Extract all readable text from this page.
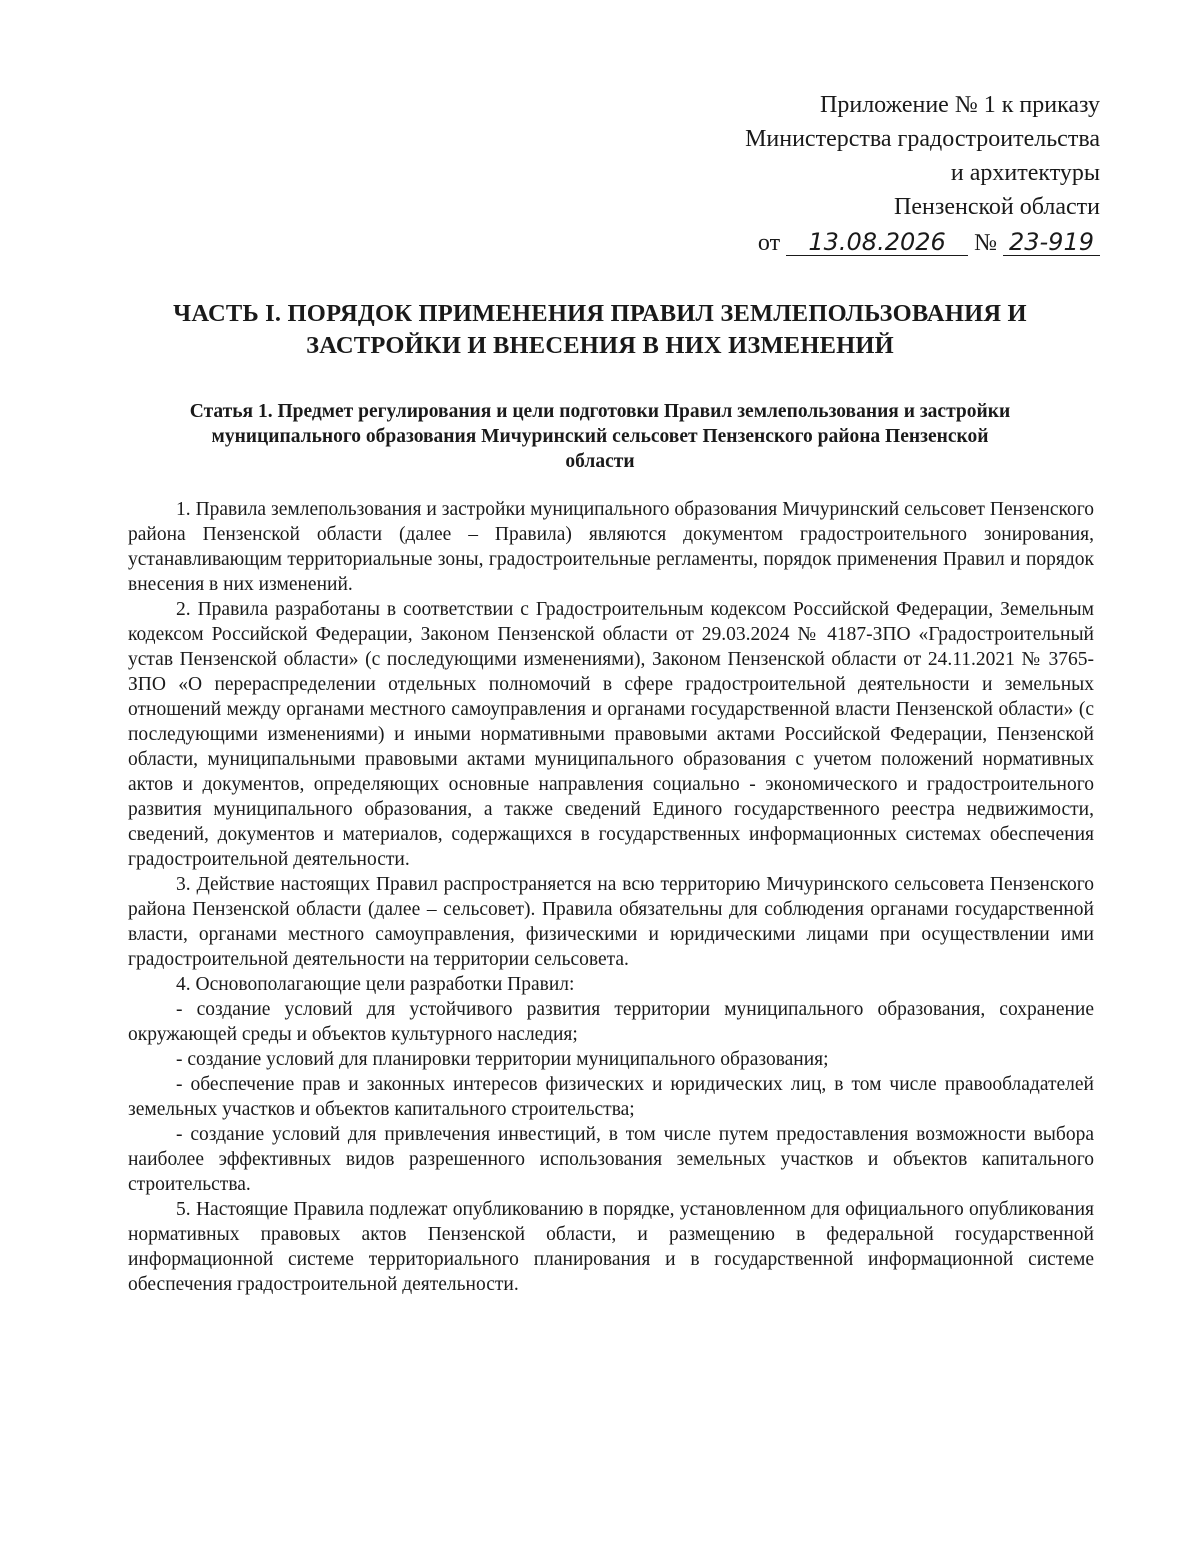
Приложение № 1 к приказу
Министерства градостроительства
и архитектуры
Пензенской области
от 13.08.2026 № 23-919
ЧАСТЬ I. ПОРЯДОК ПРИМЕНЕНИЯ ПРАВИЛ ЗЕМЛЕПОЛЬЗОВАНИЯ И
ЗАСТРОЙКИ И ВНЕСЕНИЯ В НИХ ИЗМЕНЕНИЙ
Статья 1. Предмет регулирования и цели подготовки Правил землепользования и застройки
муниципального образования Мичуринский сельсовет Пензенского района Пензенской
области

1. Правила землепользования и застройки муниципального образования Мичуринский сельсовет Пензенского района Пензенской области (далее – Правила) являются документом градостроительного зонирования, устанавливающим территориальные зоны, градостроительные регламенты, порядок применения Правил и порядок внесения в них изменений.

2. Правила разработаны в соответствии с Градостроительным кодексом Российской Федерации, Земельным кодексом Российской Федерации, Законом Пензенской области от 29.03.2024 № 4187-ЗПО «Градостроительный устав Пензенской области» (с последующими изменениями), Законом Пензенской области от 24.11.2021 № 3765-ЗПО «О перераспределении отдельных полномочий в сфере градостроительной деятельности и земельных отношений между органами местного самоуправления и органами государственной власти Пензенской области» (с последующими изменениями) и иными нормативными правовыми актами Российской Федерации, Пензенской области, муниципальными правовыми актами муниципального образования с учетом положений нормативных актов и документов, определяющих основные направления социально - экономического и градостроительного развития муниципального образования, а также сведений Единого государственного реестра недвижимости, сведений, документов и материалов, содержащихся в государственных информационных системах обеспечения градостроительной деятельности.

3. Действие настоящих Правил распространяется на всю территорию Мичуринского сельсовета Пензенского района Пензенской области (далее – сельсовет). Правила обязательны для соблюдения органами государственной власти, органами местного самоуправления, физическими и юридическими лицами при осуществлении ими градостроительной деятельности на территории сельсовета.

4. Основополагающие цели разработки Правил:

- создание условий для устойчивого развития территории муниципального образования, сохранение окружающей среды и объектов культурного наследия;

- создание условий для планировки территории муниципального образования;

- обеспечение прав и законных интересов физических и юридических лиц, в том числе правообладателей земельных участков и объектов капитального строительства;

- создание условий для привлечения инвестиций, в том числе путем предоставления возможности выбора наиболее эффективных видов разрешенного использования земельных участков и объектов капитального строительства.

5. Настоящие Правила подлежат опубликованию в порядке, установленном для официального опубликования нормативных правовых актов Пензенской области, и размещению в федеральной государственной информационной системе территориального планирования и в государственной информационной системе обеспечения градостроительной деятельности.
